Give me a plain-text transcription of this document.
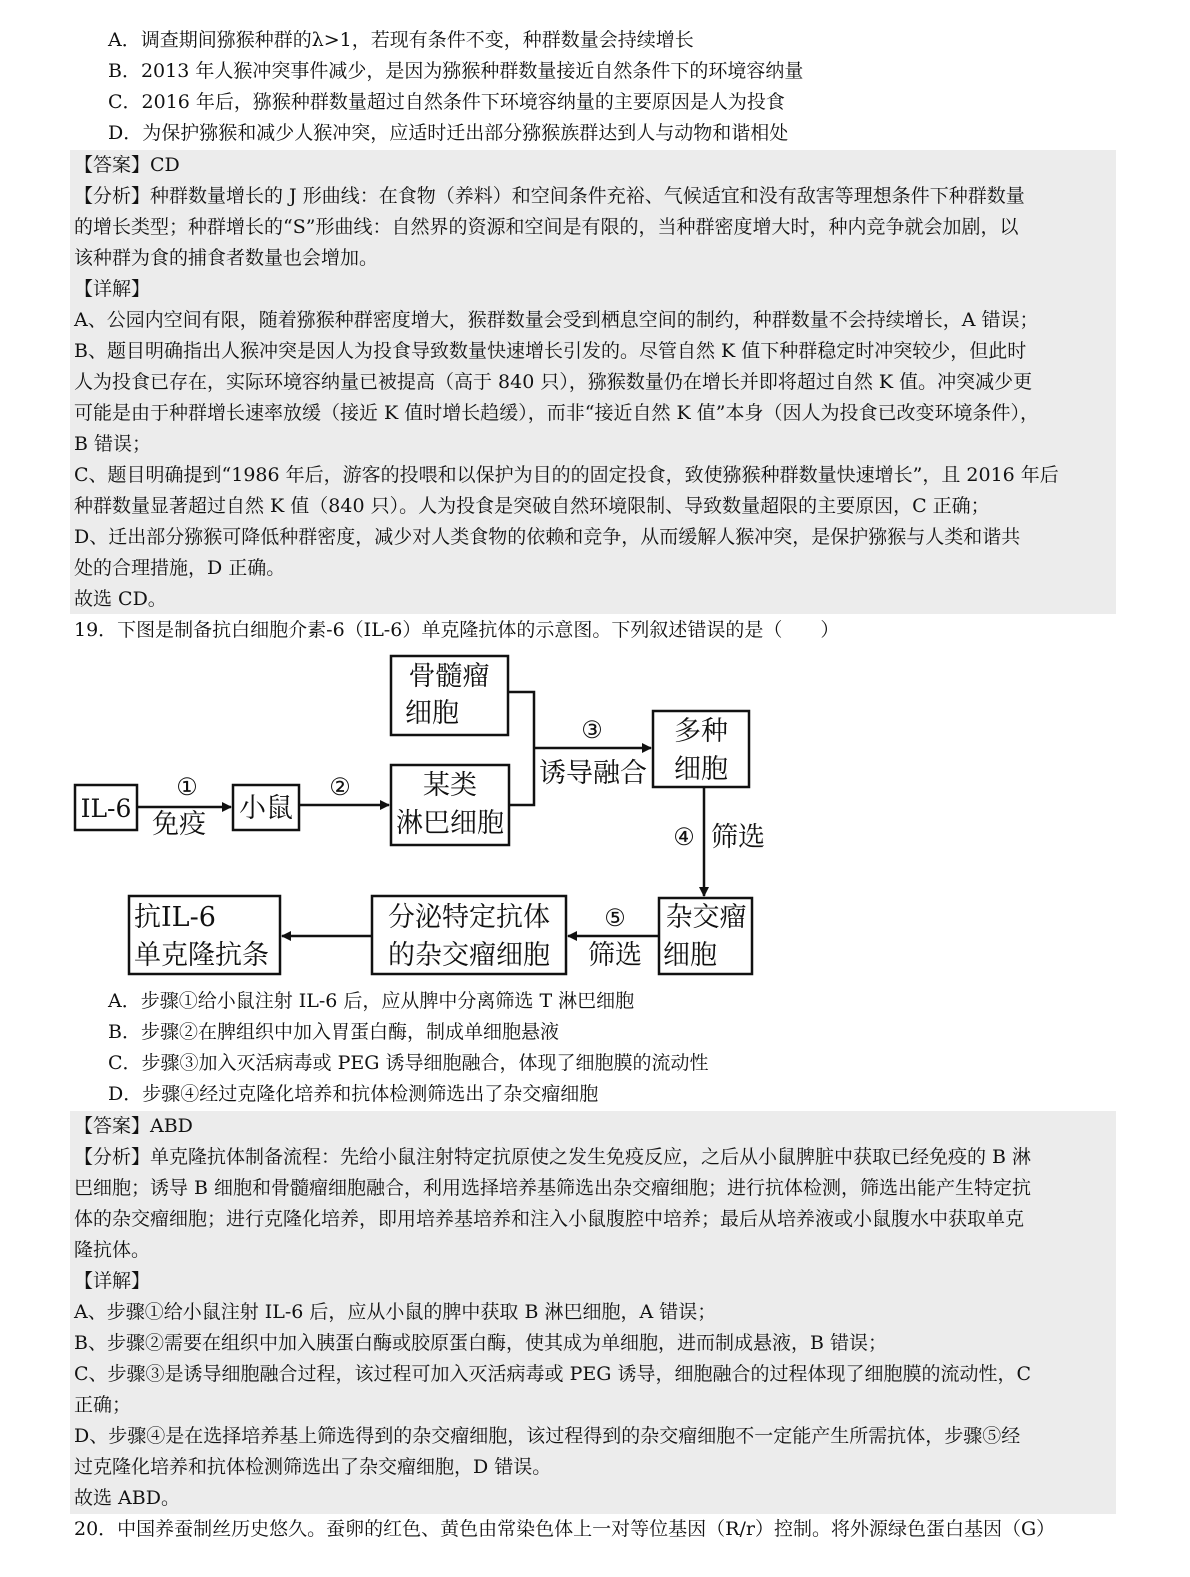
A．调查期间猕猴种群的λ>1，若现有条件不变，种群数量会持续增长
B．2013 年人猴冲突事件减少，是因为猕猴种群数量接近自然条件下的环境容纳量
C．2016 年后，猕猴种群数量超过自然条件下环境容纳量的主要原因是人为投食
D．为保护猕猴和减少人猴冲突，应适时迁出部分猕猴族群达到人与动物和谐相处
【答案】CD
【分析】种群数量增长的 J 形曲线：在食物（养料）和空间条件充裕、气候适宜和没有敌害等理想条件下种群数量
的增长类型；种群增长的“S”形曲线：自然界的资源和空间是有限的，当种群密度增大时，种内竞争就会加剧，以
该种群为食的捕食者数量也会增加。
【详解】
A、公园内空间有限，随着猕猴种群密度增大，猴群数量会受到栖息空间的制约，种群数量不会持续增长，A 错误；
B、题目明确指出人猴冲突是因人为投食导致数量快速增长引发的。尽管自然 K 值下种群稳定时冲突较少，但此时
人为投食已存在，实际环境容纳量已被提高（高于 840 只），猕猴数量仍在增长并即将超过自然 K 值。冲突减少更
可能是由于种群增长速率放缓（接近 K 值时增长趋缓），而非“接近自然 K 值”本身（因人为投食已改变环境条件），
B 错误；
C、题目明确提到“1986 年后，游客的投喂和以保护为目的的固定投食，致使猕猴种群数量快速增长”，且 2016 年后
种群数量显著超过自然 K 值（840 只）。人为投食是突破自然环境限制、导致数量超限的主要原因，C 正确；
D、迁出部分猕猴可降低种群密度，减少对人类食物的依赖和竞争，从而缓解人猴冲突，是保护猕猴与人类和谐共
处的合理措施，D 正确。
故选 CD。
19．下图是制备抗白细胞介素-6（IL-6）单克隆抗体的示意图。下列叙述错误的是（　　）
IL-6	小鼠
某类
淋巴细胞
骨髓瘤
细胞
多种
细胞
杂交瘤
细胞
分泌特定抗体
的杂交瘤细胞
抗IL-6
单克隆抗条
①
免疫
②
③
诱导融合
④ 筛选
⑤
筛选
A．步骤①给小鼠注射 IL-6 后，应从脾中分离筛选 T 淋巴细胞
B．步骤②在脾组织中加入胃蛋白酶，制成单细胞悬液
C．步骤③加入灭活病毒或 PEG 诱导细胞融合，体现了细胞膜的流动性
D．步骤④经过克隆化培养和抗体检测筛选出了杂交瘤细胞
【答案】ABD
【分析】单克隆抗体制备流程：先给小鼠注射特定抗原使之发生免疫反应，之后从小鼠脾脏中获取已经免疫的 B 淋
巴细胞；诱导 B 细胞和骨髓瘤细胞融合，利用选择培养基筛选出杂交瘤细胞；进行抗体检测，筛选出能产生特定抗
体的杂交瘤细胞；进行克隆化培养，即用培养基培养和注入小鼠腹腔中培养；最后从培养液或小鼠腹水中获取单克
隆抗体。
【详解】
A、步骤①给小鼠注射 IL-6 后，应从小鼠的脾中获取 B 淋巴细胞，A 错误；
B、步骤②需要在组织中加入胰蛋白酶或胶原蛋白酶，使其成为单细胞，进而制成悬液，B 错误；
C、步骤③是诱导细胞融合过程，该过程可加入灭活病毒或 PEG 诱导，细胞融合的过程体现了细胞膜的流动性，C
正确；
D、步骤④是在选择培养基上筛选得到的杂交瘤细胞，该过程得到的杂交瘤细胞不一定能产生所需抗体，步骤⑤经
过克隆化培养和抗体检测筛选出了杂交瘤细胞，D 错误。
故选 ABD。
20．中国养蚕制丝历史悠久。蚕卵的红色、黄色由常染色体上一对等位基因（R/r）控制。将外源绿色蛋白基因（G）
